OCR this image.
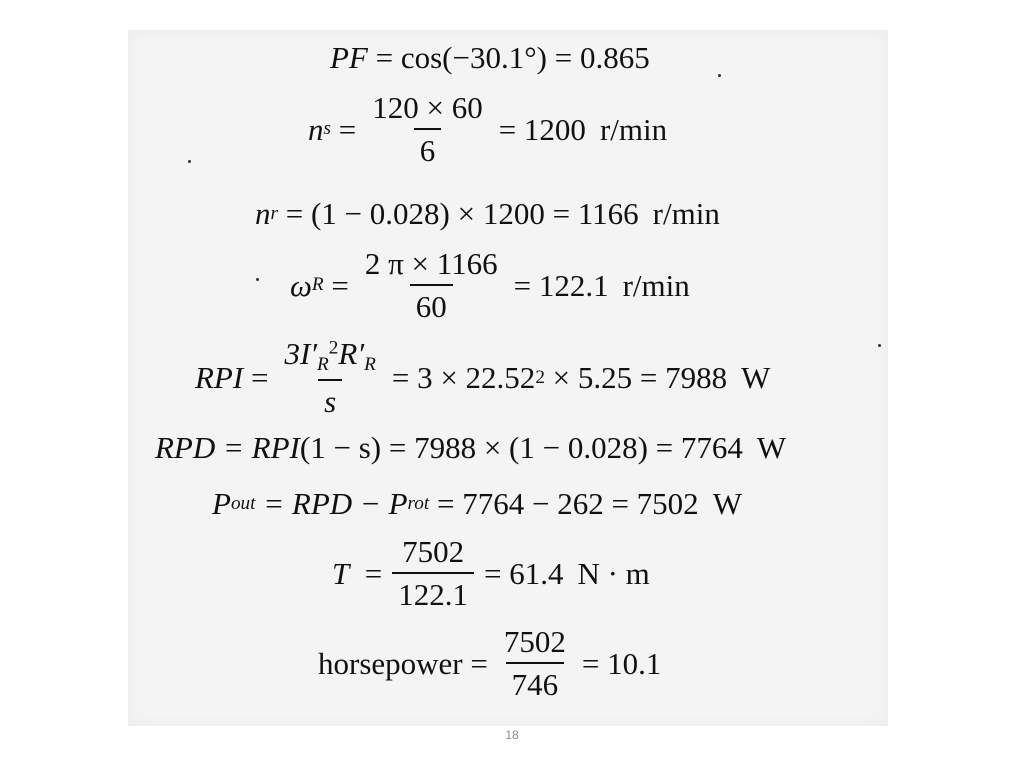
PF
= cos(−30.1°) = 0.865
n $s = \frac{120 \times 60}{6} = 1200$ r/min
n r
= (1 − 0.028) × 1200 = 1166 r/min
ω $R = \frac{2 \pi \times 1166}{60} = 122.1$ r/min
RPI = $\frac{3I'_R^2R'_R}{s} = 3 \times 22.52$ 2
× 5.25 = 7988 W
RPD
= RPI (1 − s) = 7988 × (1 − 0.028) = 7764 W
P out
= RPD − P rot
= 7764 − 262 = 7502 W
T
= $\frac{7502}{122.1} = 61.4$ N · m
horsepower
= $\frac{7502}{746} = 10.1$
18
